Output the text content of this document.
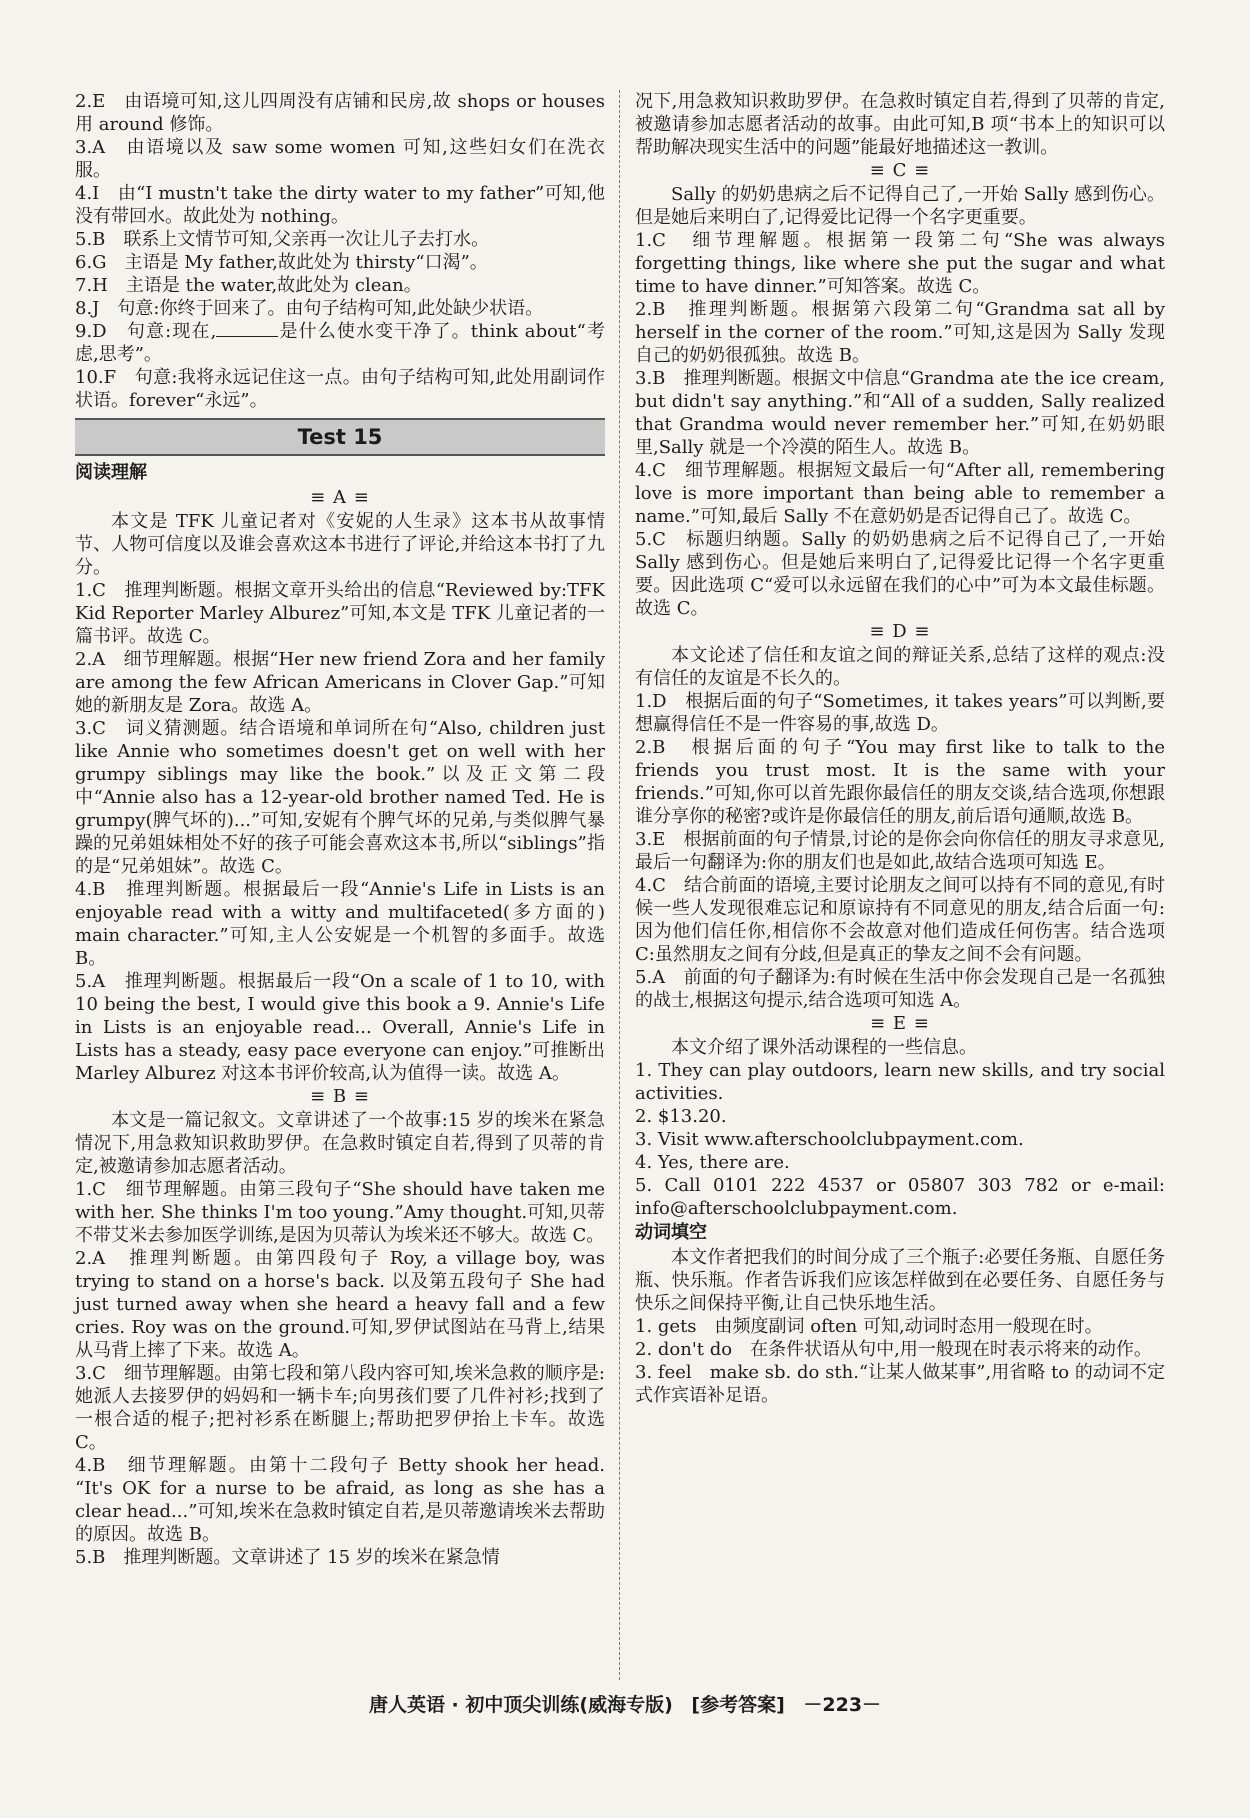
2.E　由语境可知,这儿四周没有店铺和民房,故 shops or houses 用 around 修饰。

3.A　由语境以及 saw some women 可知,这些妇女们在洗衣服。

4.I　由“I mustn't take the dirty water to my father”可知,他没有带回水。故此处为 nothing。

5.B　联系上文情节可知,父亲再一次让儿子去打水。

6.G　主语是 My father,故此处为 thirsty“口渴”。

7.H　主语是 the water,故此处为 clean。

8.J　句意:你终于回来了。由句子结构可知,此处缺少状语。

9.D　句意:现在,	是什么使水变干净了。think about“考虑,思考”。

10.F　句意:我将永远记住这一点。由句子结构可知,此处用副词作状语。forever“永远”。

Test 15

阅读理解

≡ A ≡

本文是 TFK 儿童记者对《安妮的人生录》这本书从故事情节、人物可信度以及谁会喜欢这本书进行了评论,并给这本书打了九分。

1.C　推理判断题。根据文章开头给出的信息“Reviewed by:TFK Kid Reporter Marley Alburez”可知,本文是 TFK 儿童记者的一篇书评。故选 C。

2.A　细节理解题。根据“Her new friend Zora and her family are among the few African Americans in Clover Gap.”可知她的新朋友是 Zora。故选 A。

3.C　词义猜测题。结合语境和单词所在句“Also, children just like Annie who sometimes doesn't get on well with her grumpy siblings may like the book.”以及正文第二段中“Annie also has a 12-year-old brother named Ted. He is grumpy(脾气坏的)...”可知,安妮有个脾气坏的兄弟,与类似脾气暴躁的兄弟姐妹相处不好的孩子可能会喜欢这本书,所以“siblings”指的是“兄弟姐妹”。故选 C。

4.B　推理判断题。根据最后一段“Annie's Life in Lists is an enjoyable read with a witty and multifaceted(多方面的) main character.”可知,主人公安妮是一个机智的多面手。故选 B。

5.A　推理判断题。根据最后一段“On a scale of 1 to 10, with 10 being the best, I would give this book a 9. Annie's Life in Lists is an enjoyable read... Overall, Annie's Life in Lists has a steady, easy pace everyone can enjoy.”可推断出 Marley Alburez 对这本书评价较高,认为值得一读。故选 A。

≡ B ≡

本文是一篇记叙文。文章讲述了一个故事:15 岁的埃米在紧急情况下,用急救知识救助罗伊。在急救时镇定自若,得到了贝蒂的肯定,被邀请参加志愿者活动。

1.C　细节理解题。由第三段句子“She should have taken me with her. She thinks I'm too young.”Amy thought.可知,贝蒂不带艾米去参加医学训练,是因为贝蒂认为埃米还不够大。故选 C。

2.A　推理判断题。由第四段句子 Roy, a village boy, was trying to stand on a horse's back. 以及第五段句子 She had just turned away when she heard a heavy fall and a few cries. Roy was on the ground.可知,罗伊试图站在马背上,结果从马背上摔了下来。故选 A。

3.C　细节理解题。由第七段和第八段内容可知,埃米急救的顺序是:她派人去接罗伊的妈妈和一辆卡车;向男孩们要了几件衬衫;找到了一根合适的棍子;把衬衫系在断腿上;帮助把罗伊抬上卡车。故选 C。

4.B　细节理解题。由第十二段句子 Betty shook her head. “It's OK for a nurse to be afraid, as long as she has a clear head...”可知,埃米在急救时镇定自若,是贝蒂邀请埃米去帮助的原因。故选 B。

5.B　推理判断题。文章讲述了 15 岁的埃米在紧急情

况下,用急救知识救助罗伊。在急救时镇定自若,得到了贝蒂的肯定,被邀请参加志愿者活动的故事。由此可知,B 项“书本上的知识可以帮助解决现实生活中的问题”能最好地描述这一教训。

≡ C ≡

Sally 的奶奶患病之后不记得自己了,一开始 Sally 感到伤心。但是她后来明白了,记得爱比记得一个名字更重要。

1.C　细节理解题。根据第一段第二句“She was always forgetting things, like where she put the sugar and what time to have dinner.”可知答案。故选 C。

2.B　推理判断题。根据第六段第二句“Grandma sat all by herself in the corner of the room.”可知,这是因为 Sally 发现自己的奶奶很孤独。故选 B。

3.B　推理判断题。根据文中信息“Grandma ate the ice cream, but didn't say anything.”和“All of a sudden, Sally realized that Grandma would never remember her.”可知,在奶奶眼里,Sally 就是一个冷漠的陌生人。故选 B。

4.C　细节理解题。根据短文最后一句“After all, remembering love is more important than being able to remember a name.”可知,最后 Sally 不在意奶奶是否记得自己了。故选 C。

5.C　标题归纳题。Sally 的奶奶患病之后不记得自己了,一开始 Sally 感到伤心。但是她后来明白了,记得爱比记得一个名字更重要。因此选项 C“爱可以永远留在我们的心中”可为本文最佳标题。故选 C。

≡ D ≡

本文论述了信任和友谊之间的辩证关系,总结了这样的观点:没有信任的友谊是不长久的。

1.D　根据后面的句子“Sometimes, it takes years”可以判断,要想赢得信任不是一件容易的事,故选 D。

2.B　根据后面的句子“You may first like to talk to the friends you trust most. It is the same with your friends.”可知,你可以首先跟你最信任的朋友交谈,结合选项,你想跟谁分享你的秘密?或许是你最信任的朋友,前后语句通顺,故选 B。

3.E　根据前面的句子情景,讨论的是你会向你信任的朋友寻求意见,最后一句翻译为:你的朋友们也是如此,故结合选项可知选 E。

4.C　结合前面的语境,主要讨论朋友之间可以持有不同的意见,有时候一些人发现很难忘记和原谅持有不同意见的朋友,结合后面一句:因为他们信任你,相信你不会故意对他们造成任何伤害。结合选项 C:虽然朋友之间有分歧,但是真正的挚友之间不会有问题。

5.A　前面的句子翻译为:有时候在生活中你会发现自己是一名孤独的战士,根据这句提示,结合选项可知选 A。

≡ E ≡

本文介绍了课外活动课程的一些信息。

1. They can play outdoors, learn new skills, and try social activities.

2. $13.20.

3. Visit www.afterschoolclubpayment.com.

4. Yes, there are.

5. Call 0101 222 4537 or 05807 303 782 or e-mail: info@afterschoolclubpayment.com.

动词填空

本文作者把我们的时间分成了三个瓶子:必要任务瓶、自愿任务瓶、快乐瓶。作者告诉我们应该怎样做到在必要任务、自愿任务与快乐之间保持平衡,让自己快乐地生活。

1. gets　由频度副词 often 可知,动词时态用一般现在时。

2. don't do　在条件状语从句中,用一般现在时表示将来的动作。

3. feel　make sb. do sth.“让某人做某事”,用省略 to 的动词不定式作宾语补足语。

唐人英语 · 初中顶尖训练(威海专版) [参考答案] －223－
